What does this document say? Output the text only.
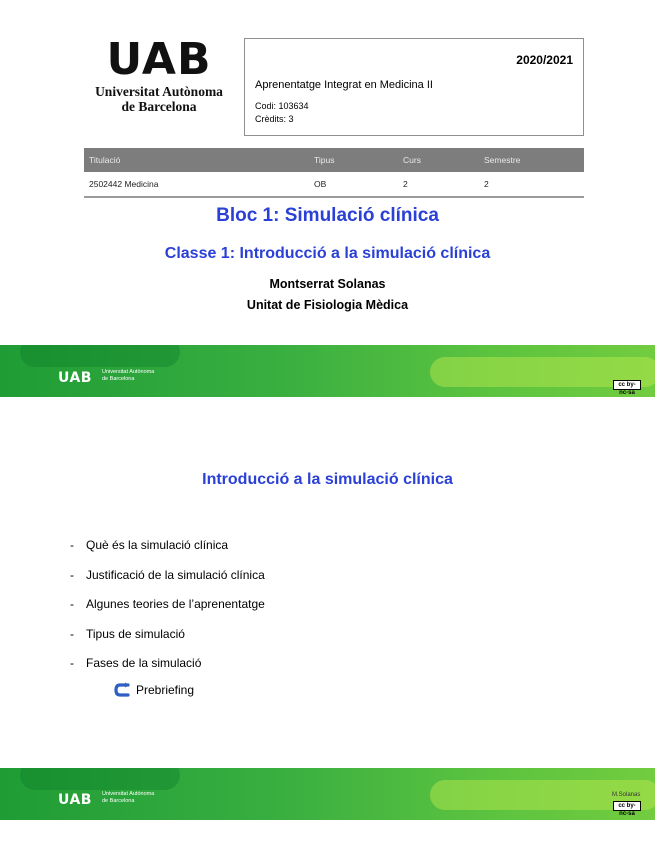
UAB
Universitat Autònoma
de Barcelona
2020/2021
Aprenentatge Integrat en Medicina II
Codi: 103634
Crèdits: 3
Titulació	Tipus	Curs	Semestre
2502442 Medicina	OB	2	2
Bloc 1: Simulació clínica
Classe 1: Introducció a la simulació clínica
Montserrat Solanas
Unitat de Fisiologia Mèdica
UAB Universitat Autònoma
de Barcelona
cc by-nc-sa
Introducció a la simulació clínica
-	Què és la simulació clínica
-	Justificació de la simulació clínica
-	Algunes teories de l’aprenentatge
-	Tipus de simulació
-	Fases de la simulació
Prebriefing
UAB Universitat Autònoma
de Barcelona
M.Solanas
cc by-nc-sa
